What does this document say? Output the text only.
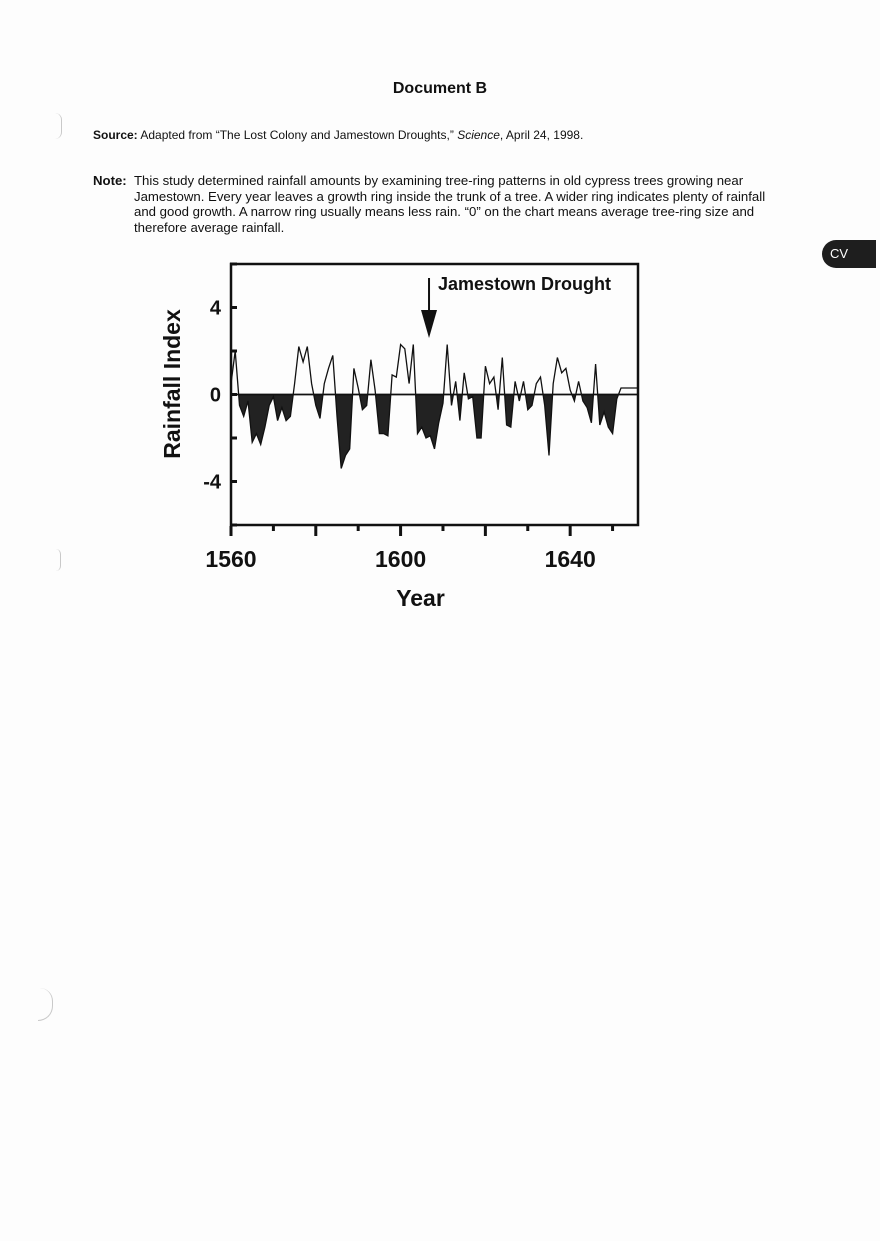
Document B
Source: Adapted from “The Lost Colony and Jamestown Droughts,” Science, April 24, 1998.
Note: This study determined rainfall amounts by examining tree-ring patterns in old cypress trees growing near Jamestown. Every year leaves a growth ring inside the trunk of a tree. A wider ring indicates plenty of rainfall and good growth. A narrow ring usually means less rain. “0” on the chart means average tree-ring size and therefore average rainfall.
CV
4
0
-4
1560	1600	1640
Year
Rainfall Index
Jamestown Drought
